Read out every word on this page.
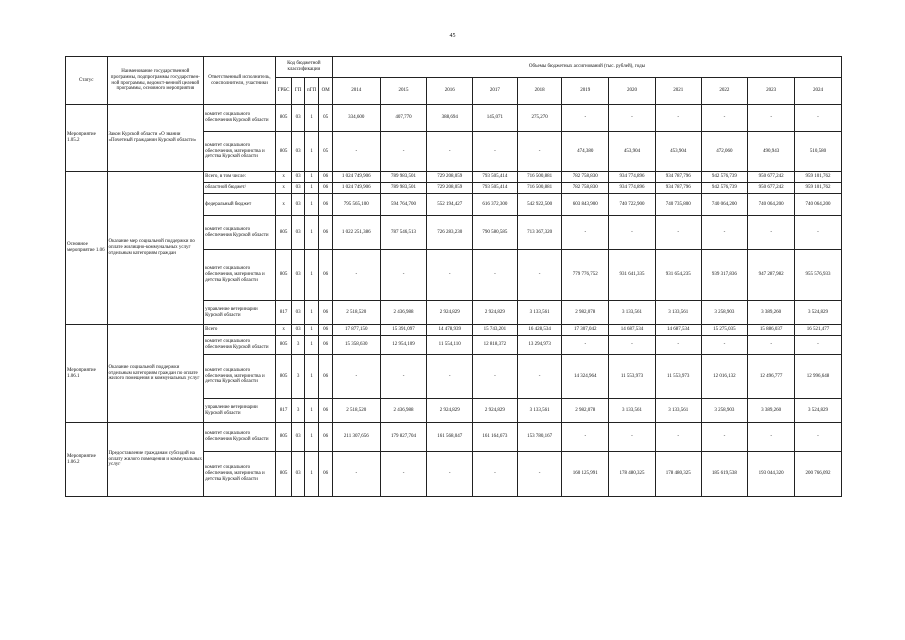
45
Статус	Наименование государственной программы, подпрограммы государствен-ной программы, ведомст-венной целевой программы, основного мероприятия	Ответственный исполнитель, соисполнители, участники	Код бюджетной классификации				Объемы бюджетных ассигнований (тыс. рублей), годы										
			ГРБС	ГП	пГП	ОМ	2014	2015	2016	2017	2018	2019	2020	2021	2022	2023	2024
Мероприятие 1.05.2	Закон Курской области «О звании «Почетный гражданин Курской области»	комитет социального обеспечения Курской области	805	03	1	05	334,600	407,770	388,694	145,071	275,270	-	-	-	-	-	-
		комитет социального обеспечения, материнства и детства Курской области	805	03	1	05	-	-	-	-	-	474,380	453,904	453,904	472,060	490,943	510,580
Основное мероприятие 1.06	Оказание мер социальной поддержки по оплате жилищно-коммунальных услуг отдельным категориям граждан	Всего, в том числе:	x	03	1	06	1 024 749,906	789 983,501	729 208,059	793 505,414	716 500,881	782 758,830	934 774,896	934 787,796	942 576,739	950 677,242	959 101,762
		областной бюджет/	x	03	1	06	1 024 749,906	789 983,501	729 208,059	793 505,414	716 500,881	782 758,830	934 774,896	934 787,796	942 576,739	950 677,242	959 101,762
		федеральный бюджет	x	03	1	06	795 565,100	594 764,700	552 194,427	616 372,300	542 922,500	603 843,900	740 722,900	740 735,800	740 064,200	740 064,200	740 064,200
		комитет социального обеспечения Курской области	805	03	1	06	1 022 251,386	787 546,513	726 283,230	790 580,585	713 367,320	-	-	-	-	-	-
		комитет социального обеспечения, материнства и детства Курской области	805	03	1	06	-	-	-	-	-	779 776,752	931 641,335	931 654,235	939 317,836	947 287,982	955 576,933
		управление ветеринарии Курской области	817	03	1	06	2 518,520	2 436,988	2 924,829	2 924,829	3 133,561	2 982,078	3 133,561	3 133,561	3 258,903	3 389,260	3 524,829
Мероприятие 1.06.1	Оказание социальной поддержки отдельным категориям граждан по оплате жилого помещения и коммунальных услуг	Всего	x	03	1	06	17 877,150	15 391,097	14 478,939	15 743,201	16 428,534	17 307,042	14 687,534	14 687,534	15 275,035	15 886,037	16 521,477
		комитет социального обеспечения Курской области	805	3	1	06	15 358,630	12 954,109	11 554,110	12 818,372	13 294,973	-	-	-	-	-	-
		комитет социального обеспечения, материнства и детства Курской области	805	3	1	06	-	-	-	-	-	14 324,964	11 553,973	11 553,973	12 016,132	12 496,777	12 996,648
		управление ветеринарии Курской области	817	3	1	06	2 518,520	2 436,988	2 924,829	2 924,829	3 133,561	2 982,078	3 133,561	3 133,561	3 258,903	3 389,260	3 524,829
Мероприятие 1.06.2	Предоставление гражданам субсидий на оплату жилого помещения и коммунальных услуг	комитет социального обеспечения Курской области	805	03	1	06	211 307,656	179 827,704	161 568,047	161 164,673	153 780,167	-	-	-	-	-	-
		комитет социального обеспечения, материнства и детства Курской области	805	03	1	06	-	-	-	-	-	160 125,991	178 480,325	178 480,325	185 619,538	193 044,320	200 766,092
